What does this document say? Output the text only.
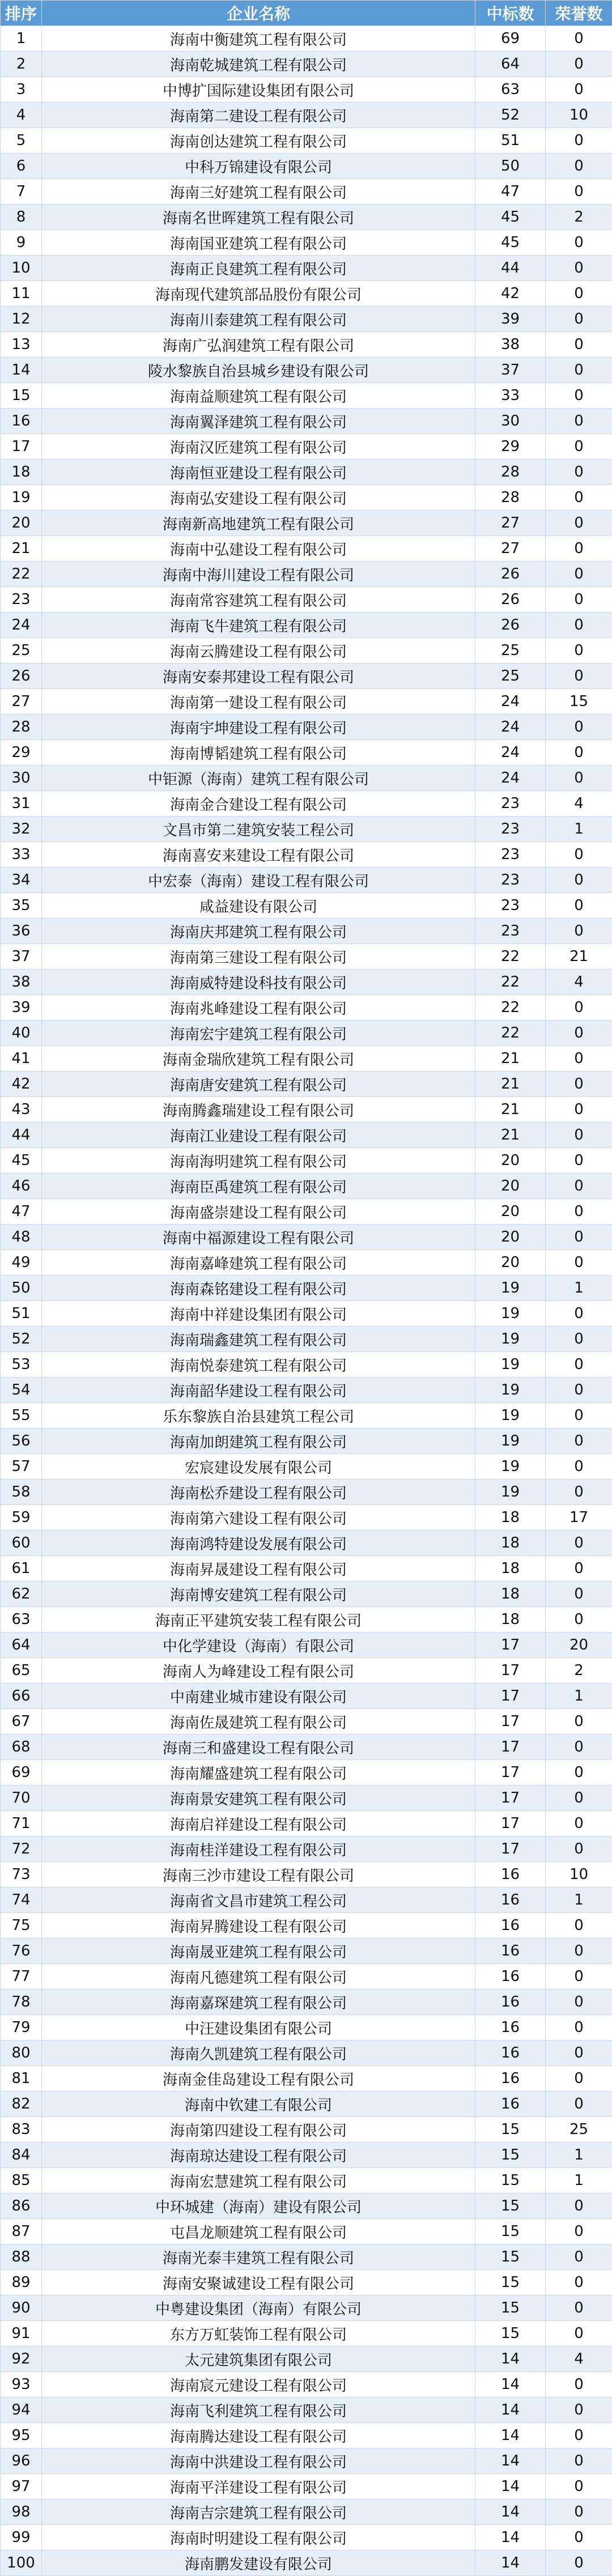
排序	企业名称	中标数	荣誉数
1	海南中衡建筑工程有限公司	69	0
2	海南乾城建筑工程有限公司	64	0
3	中博扩国际建设集团有限公司	63	0
4	海南第二建设工程有限公司	52	10
5	海南创达建筑工程有限公司	51	0
6	中科万锦建设有限公司	50	0
7	海南三好建筑工程有限公司	47	0
8	海南名世晖建筑工程有限公司	45	2
9	海南国亚建筑工程有限公司	45	0
10	海南正良建筑工程有限公司	44	0
11	海南现代建筑部品股份有限公司	42	0
12	海南川泰建筑工程有限公司	39	0
13	海南广弘润建筑工程有限公司	38	0
14	陵水黎族自治县城乡建设有限公司	37	0
15	海南益顺建筑工程有限公司	33	0
16	海南翼泽建筑工程有限公司	30	0
17	海南汉匠建筑工程有限公司	29	0
18	海南恒亚建设工程有限公司	28	0
19	海南弘安建设工程有限公司	28	0
20	海南新高地建筑工程有限公司	27	0
21	海南中弘建设工程有限公司	27	0
22	海南中海川建设工程有限公司	26	0
23	海南常容建筑工程有限公司	26	0
24	海南飞牛建筑工程有限公司	26	0
25	海南云腾建设工程有限公司	25	0
26	海南安泰邦建设工程有限公司	25	0
27	海南第一建设工程有限公司	24	15
28	海南宇坤建设工程有限公司	24	0
29	海南博韬建筑工程有限公司	24	0
30	中钜源（海南）建筑工程有限公司	24	0
31	海南金合建设工程有限公司	23	4
32	文昌市第二建筑安装工程公司	23	1
33	海南喜安来建设工程有限公司	23	0
34	中宏泰（海南）建设工程有限公司	23	0
35	咸益建设有限公司	23	0
36	海南庆邦建筑工程有限公司	23	0
37	海南第三建设工程有限公司	22	21
38	海南威特建设科技有限公司	22	4
39	海南兆峰建设工程有限公司	22	0
40	海南宏宇建筑工程有限公司	22	0
41	海南金瑞欣建筑工程有限公司	21	0
42	海南唐安建筑工程有限公司	21	0
43	海南腾鑫瑞建设工程有限公司	21	0
44	海南江业建设工程有限公司	21	0
45	海南海明建筑工程有限公司	20	0
46	海南臣禹建筑工程有限公司	20	0
47	海南盛崇建设工程有限公司	20	0
48	海南中福源建设工程有限公司	20	0
49	海南嘉峰建筑工程有限公司	20	0
50	海南森铭建设工程有限公司	19	1
51	海南中祥建设集团有限公司	19	0
52	海南瑞鑫建筑工程有限公司	19	0
53	海南悦泰建筑工程有限公司	19	0
54	海南韶华建设工程有限公司	19	0
55	乐东黎族自治县建筑工程公司	19	0
56	海南加朗建筑工程有限公司	19	0
57	宏宸建设发展有限公司	19	0
58	海南松乔建设工程有限公司	19	0
59	海南第六建设工程有限公司	18	17
60	海南鸿特建设发展有限公司	18	0
61	海南昇晟建设工程有限公司	18	0
62	海南博安建筑工程有限公司	18	0
63	海南正平建筑安装工程有限公司	18	0
64	中化学建设（海南）有限公司	17	20
65	海南人为峰建设工程有限公司	17	2
66	中南建业城市建设有限公司	17	1
67	海南佐晟建筑工程有限公司	17	0
68	海南三和盛建设工程有限公司	17	0
69	海南耀盛建筑工程有限公司	17	0
70	海南景安建筑工程有限公司	17	0
71	海南启祥建设工程有限公司	17	0
72	海南桂洋建设工程有限公司	17	0
73	海南三沙市建设工程有限公司	16	10
74	海南省文昌市建筑工程公司	16	1
75	海南昇腾建设工程有限公司	16	0
76	海南晟亚建筑工程有限公司	16	0
77	海南凡德建筑工程有限公司	16	0
78	海南嘉琛建筑工程有限公司	16	0
79	中汪建设集团有限公司	16	0
80	海南久凯建筑工程有限公司	16	0
81	海南金佳岛建设工程有限公司	16	0
82	海南中钦建工有限公司	16	0
83	海南第四建设工程有限公司	15	25
84	海南琼达建设工程有限公司	15	1
85	海南宏慧建筑工程有限公司	15	1
86	中环城建（海南）建设有限公司	15	0
87	屯昌龙顺建筑工程有限公司	15	0
88	海南光泰丰建筑工程有限公司	15	0
89	海南安聚诚建设工程有限公司	15	0
90	中粤建设集团（海南）有限公司	15	0
91	东方万虹装饰工程有限公司	15	0
92	太元建筑集团有限公司	14	4
93	海南宸元建设工程有限公司	14	0
94	海南飞利建筑工程有限公司	14	0
95	海南腾达建设工程有限公司	14	0
96	海南中洪建设工程有限公司	14	0
97	海南平洋建设工程有限公司	14	0
98	海南吉宗建筑工程有限公司	14	0
99	海南时明建设工程有限公司	14	0
100	海南鹏发建设有限公司	14	0
